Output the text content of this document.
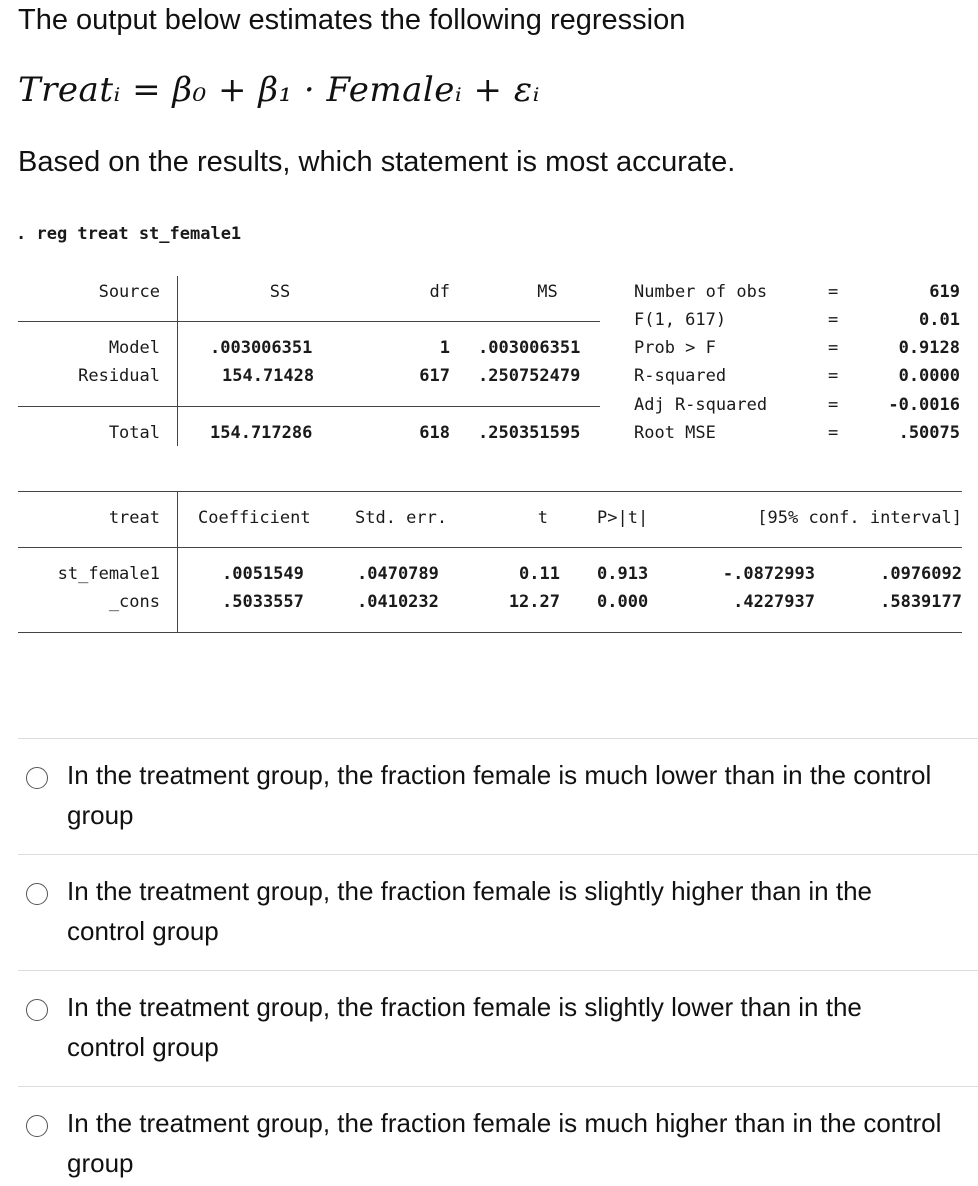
The output below estimates the following regression
Treatᵢ = β₀ + β₁ · Femaleᵢ + εᵢ
Based on the results, which statement is most accurate.
. reg treat st_female1
Source	SS	df	MS
Model	.003006351	1 .003006351
Residual	154.71428	617 .250752479
Total	154.717286	618 .250351595
Number of obs	=	619
F(1, 617)	=	0.01
Prob > F	=	0.9128
R-squared	=	0.0000
Adj R-squared	=	-0.0016
Root MSE	=	.50075
treat Coefficient	Std. err.	t	P>|t|	[95% conf. interval]
st_female1	.0051549	.0470789	0.11 0.913	-.0872993	.0976092
_cons	.5033557	.0410232	12.27 0.000	.4227937	.5839177
In the treatment group, the fraction female is much lower than in the control group
In the treatment group, the fraction female is slightly higher than in the control group
In the treatment group, the fraction female is slightly lower than in the control group
In the treatment group, the fraction female is much higher than in the control group
